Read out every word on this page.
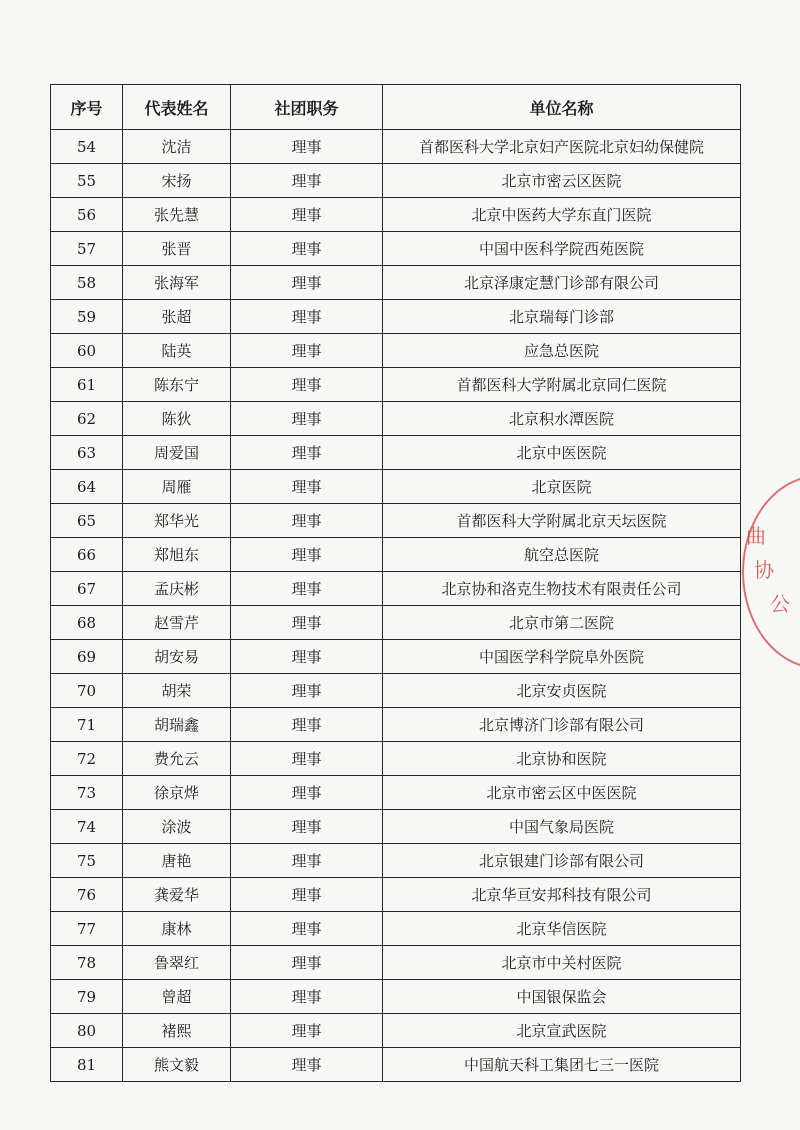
序号	代表姓名	社团职务	单位名称
54	沈洁	理事	首都医科大学北京妇产医院北京妇幼保健院
55	宋扬	理事	北京市密云区医院
56	张先慧	理事	北京中医药大学东直门医院
57	张晋	理事	中国中医科学院西苑医院
58	张海军	理事	北京泽康定慧门诊部有限公司
59	张超	理事	北京瑞每门诊部
60	陆英	理事	应急总医院
61	陈东宁	理事	首都医科大学附属北京同仁医院
62	陈狄	理事	北京积水潭医院
63	周爱国	理事	北京中医医院
64	周雁	理事	北京医院
65	郑华光	理事	首都医科大学附属北京天坛医院
66	郑旭东	理事	航空总医院
67	孟庆彬	理事	北京协和洛克生物技术有限责任公司
68	赵雪芹	理事	北京市第二医院
69	胡安易	理事	中国医学科学院阜外医院
70	胡荣	理事	北京安贞医院
71	胡瑞鑫	理事	北京博济门诊部有限公司
72	费允云	理事	北京协和医院
73	徐京烨	理事	北京市密云区中医医院
74	涂波	理事	中国气象局医院
75	唐艳	理事	北京银建门诊部有限公司
76	龚爱华	理事	北京华亘安邦科技有限公司
77	康林	理事	北京华信医院
78	鲁翠红	理事	北京市中关村医院
79	曾超	理事	中国银保监会
80	褚熙	理事	北京宣武医院
81	熊文毅	理事	中国航天科工集团七三一医院
曲
协
公
